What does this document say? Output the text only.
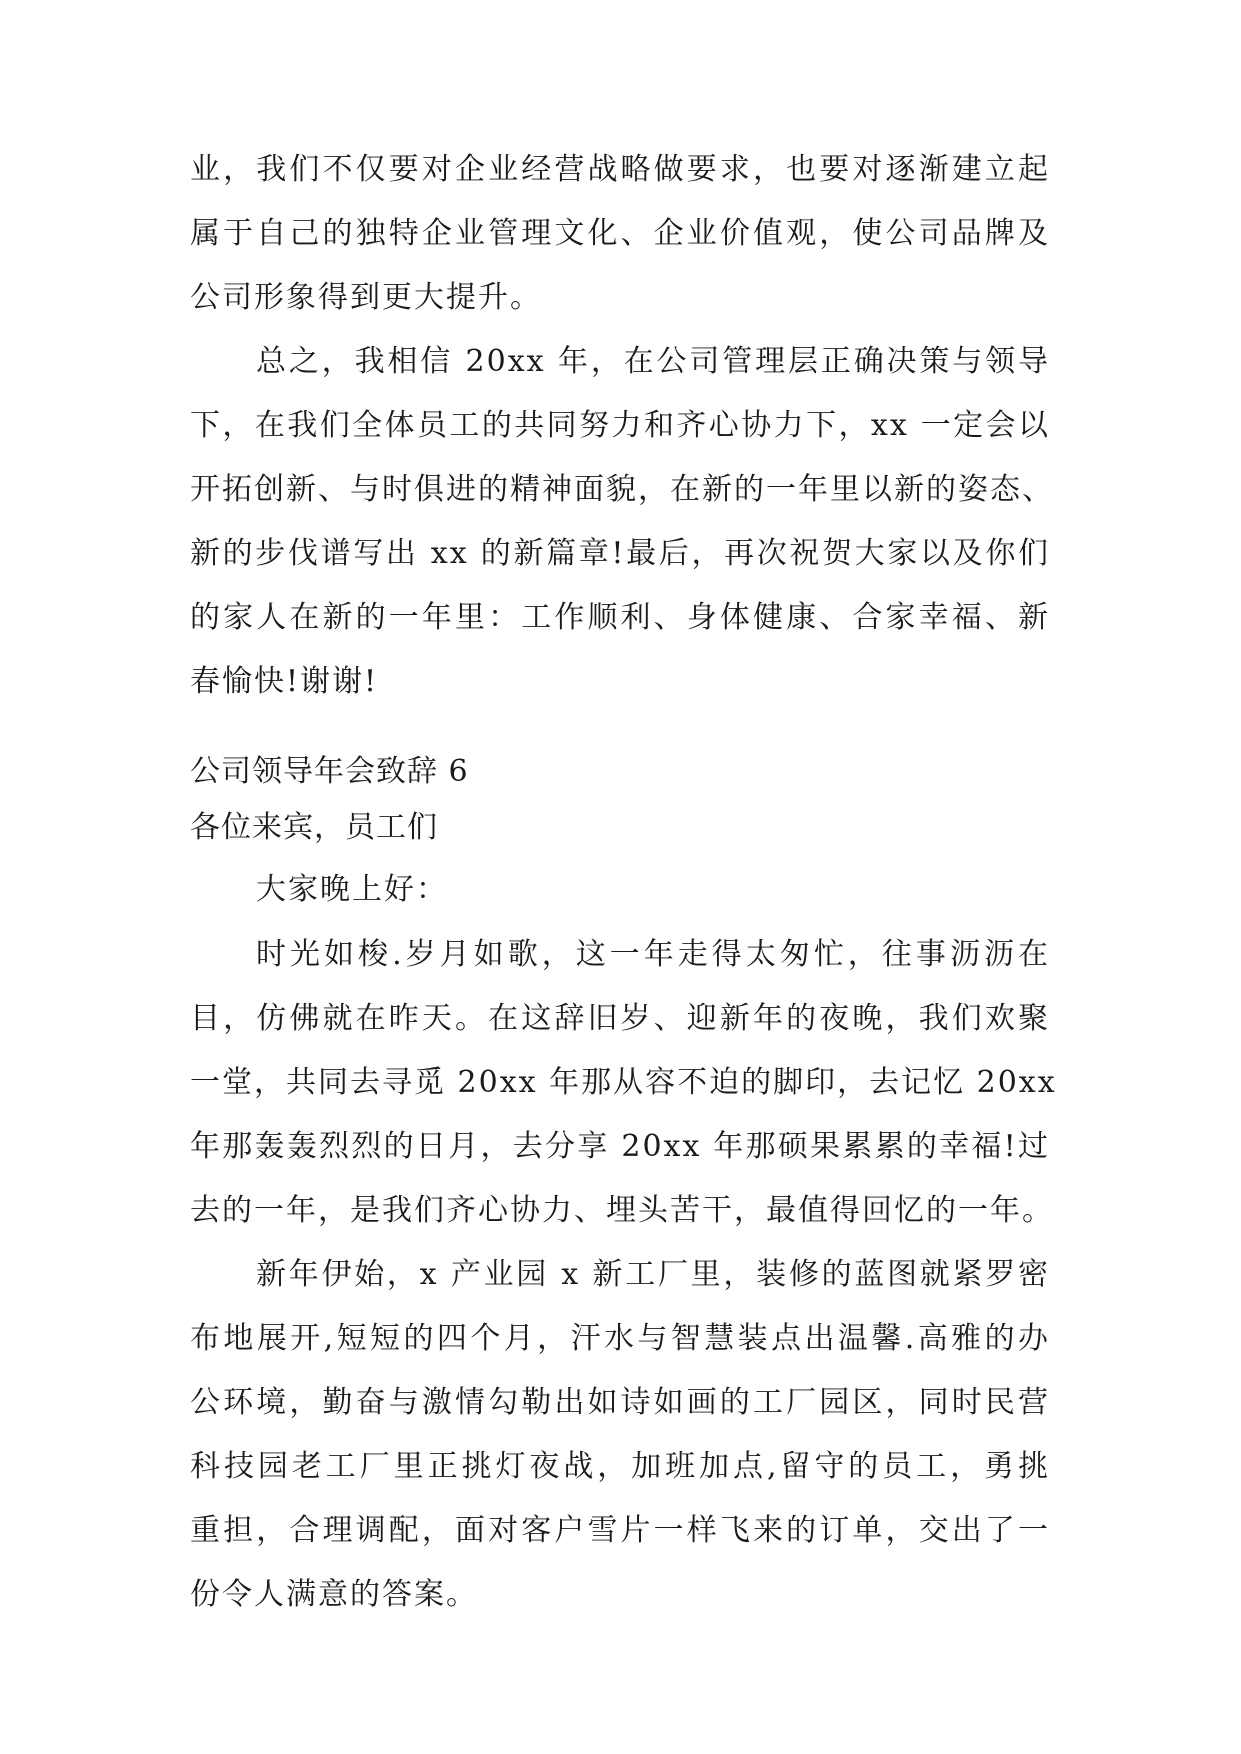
业，我们不仅要对企业经营战略做要求，也要对逐渐建立起
属于自己的独特企业管理文化、企业价值观，使公司品牌及
公司形象得到更大提升。
总之，我相信 20xx 年，在公司管理层正确决策与领导
下，在我们全体员工的共同努力和齐心协力下，xx 一定会以
开拓创新、与时俱进的精神面貌，在新的一年里以新的姿态、
新的步伐谱写出 xx 的新篇章!最后，再次祝贺大家以及你们
的家人在新的一年里：工作顺利、身体健康、合家幸福、新
春愉快!谢谢!
公司领导年会致辞 6
各位来宾，员工们
大家晚上好：
时光如梭.岁月如歌，这一年走得太匆忙，往事沥沥在
目，仿佛就在昨天。在这辞旧岁、迎新年的夜晚，我们欢聚
一堂，共同去寻觅 20xx 年那从容不迫的脚印，去记忆 20xx
年那轰轰烈烈的日月，去分享 20xx 年那硕果累累的幸福!过
去的一年，是我们齐心协力、埋头苦干，最值得回忆的一年。
新年伊始，x 产业园 x 新工厂里，装修的蓝图就紧罗密
布地展开,短短的四个月，汗水与智慧装点出温馨.高雅的办
公环境，勤奋与激情勾勒出如诗如画的工厂园区，同时民营
科技园老工厂里正挑灯夜战，加班加点,留守的员工，勇挑
重担，合理调配，面对客户雪片一样飞来的订单，交出了一
份令人满意的答案。
